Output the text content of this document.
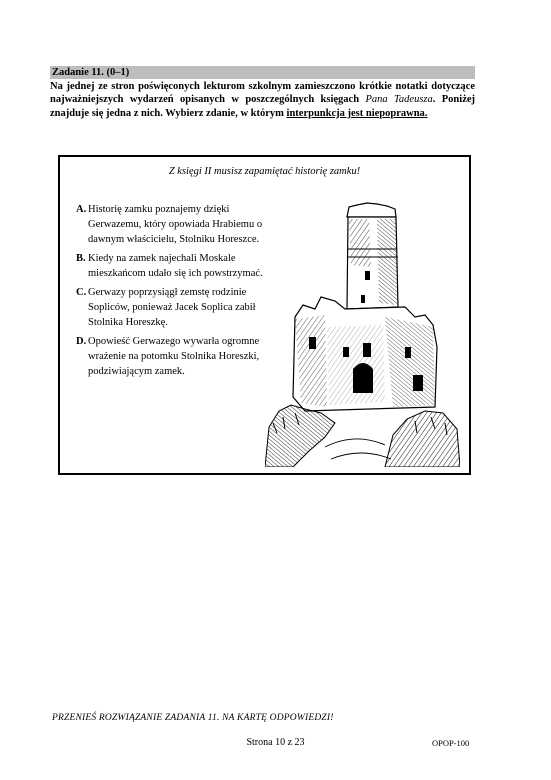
Zadanie 11. (0–1)
Na jednej ze stron poświęconych lekturom szkolnym zamieszczono krótkie notatki dotyczące najważniejszych wydarzeń opisanych w poszczególnych księgach Pana Tadeusza. Poniżej znajduje się jedna z nich. Wybierz zdanie, w którym interpunkcja jest niepoprawna.
Z księgi II musisz zapamiętać historię zamku!
A. Historię zamku poznajemy dzięki Gerwazemu, który opowiada Hrabiemu o dawnym właścicielu, Stolniku Horeszce.
B. Kiedy na zamek najechali Moskale mieszkańcom udało się ich powstrzymać.
C. Gerwazy poprzysiągł zemstę rodzinie Sopliców, ponieważ Jacek Soplica zabił Stolnika Horeszkę.
D. Opowieść Gerwazego wywarła ogromne wrażenie na potomku Stolnika Horeszki, podziwiającym zamek.
PRZENIEŚ ROZWIĄZANIE ZADANIA 11. NA KARTĘ ODPOWIEDZI!
Strona 10 z 23	OPOP-100
